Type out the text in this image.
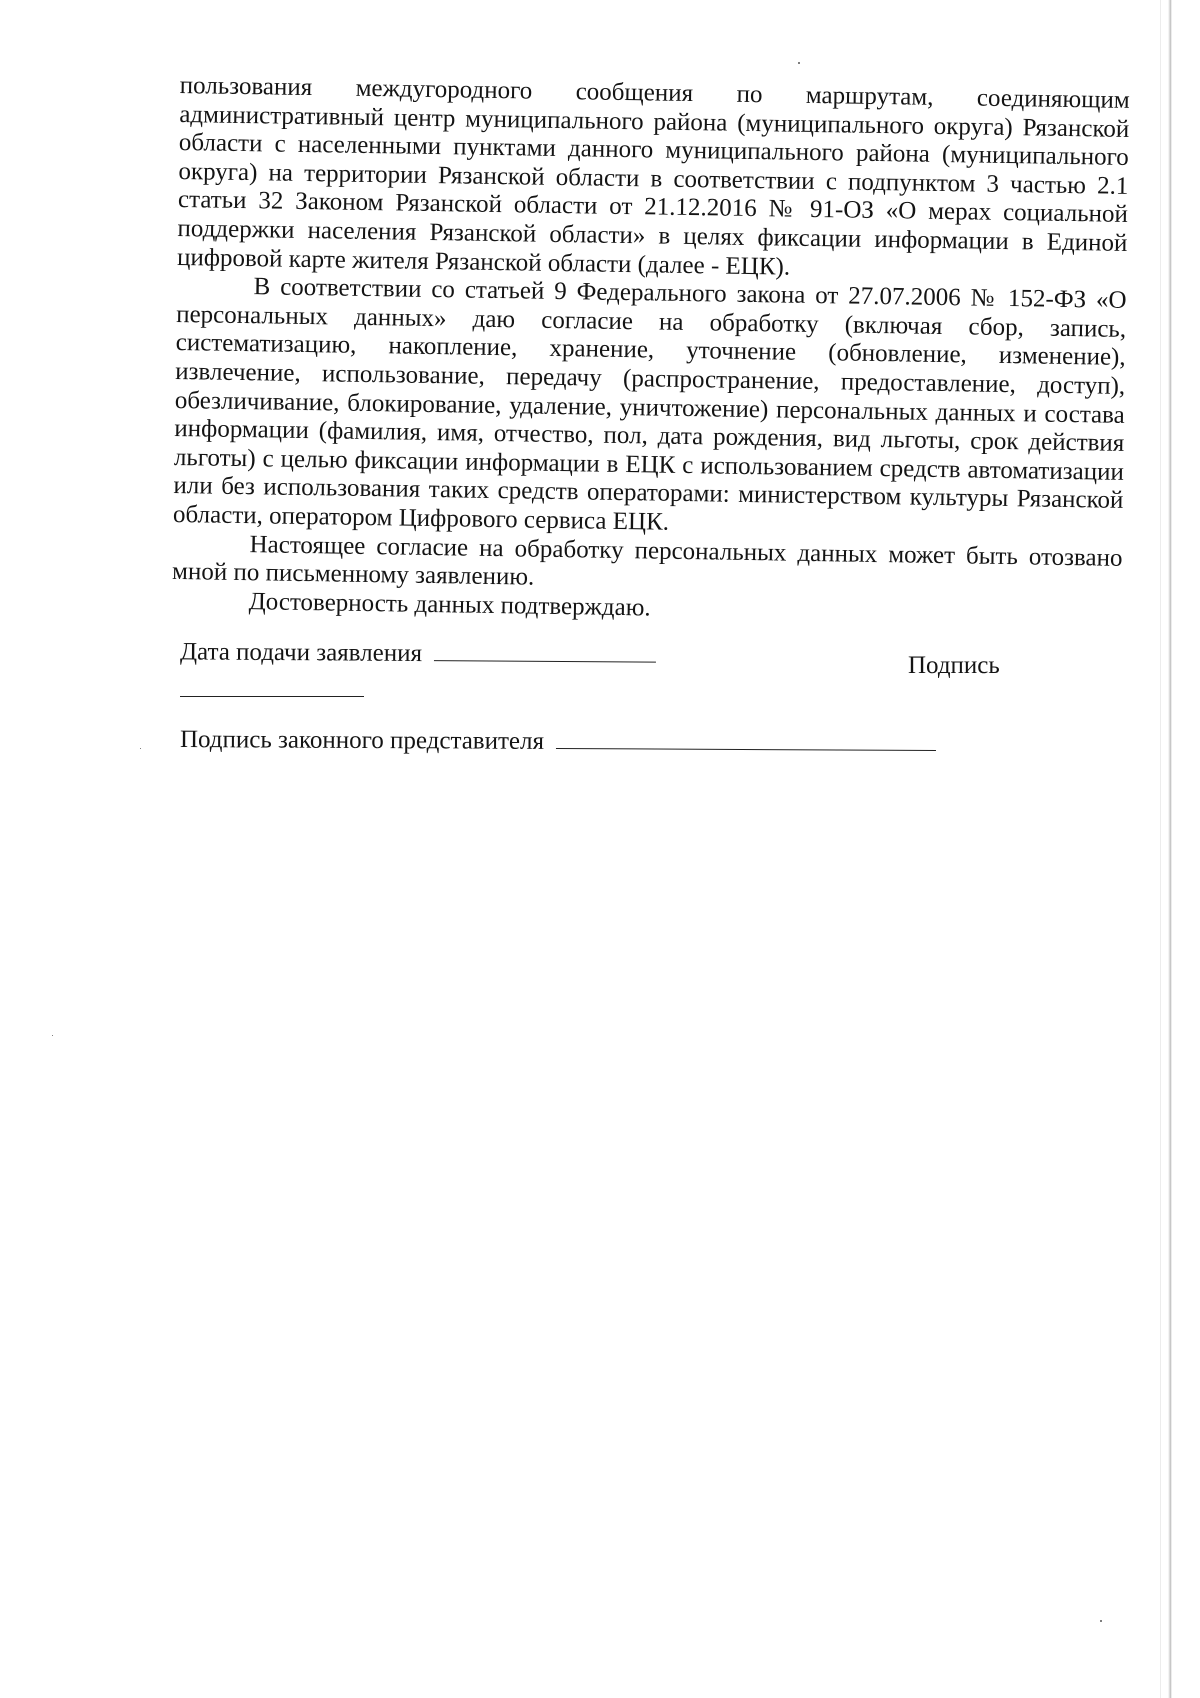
пользования междугородного сообщения по маршрутам, соединяющим административный центр муниципального района (муниципального округа) Рязанской области с населенными пунктами данного муниципального района (муниципального округа) на территории Рязанской области в соответствии с подпунктом 3 частью 2.1 статьи 32 Законом Рязанской области от 21.12.2016 № 91-ОЗ «О мерах социальной поддержки населения Рязанской области» в целях фиксации информации в Единой цифровой карте жителя Рязанской области (далее - ЕЦК).

В соответствии со статьей 9 Федерального закона от 27.07.2006 № 152-ФЗ «О персональных данных» даю согласие на обработку (включая сбор, запись, систематизацию, накопление, хранение, уточнение (обновление, изменение), извлечение, использование, передачу (распространение, предоставление, доступ), обезличивание, блокирование, удаление, уничтожение) персональных данных и состава информации (фамилия, имя, отчество, пол, дата рождения, вид льготы, срок действия льготы) с целью фиксации информации в ЕЦК с использованием средств автоматизации или без использования таких средств операторами: министерством культуры Рязанской области, оператором Цифрового сервиса ЕЦК.

Настоящее согласие на обработку персональных данных может быть отозвано мной по письменному заявлению.

Достоверность данных подтверждаю.

Дата подачи заявления	Подпись
Подпись законного представителя
